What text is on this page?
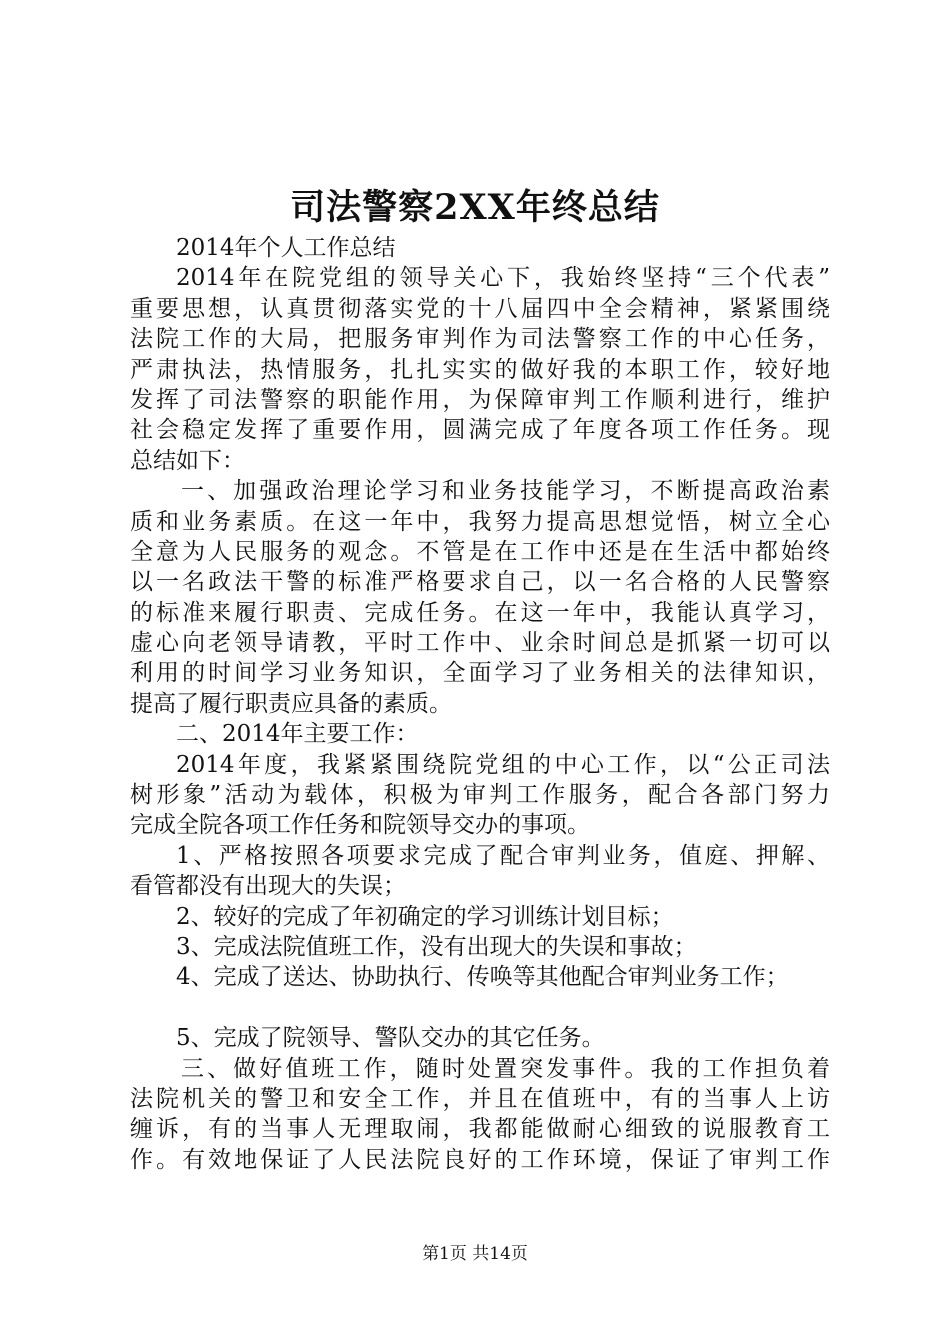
司法警察2XX年终总结
2014年个人工作总结
2014年在院党组的领导关心下，我始终坚持“三个代表”
重要思想，认真贯彻落实党的十八届四中全会精神，紧紧围绕
法院工作的大局，把服务审判作为司法警察工作的中心任务，
严肃执法，热情服务，扎扎实实的做好我的本职工作，较好地
发挥了司法警察的职能作用，为保障审判工作顺利进行，维护
社会稳定发挥了重要作用，圆满完成了年度各项工作任务。现
总结如下：
一、加强政治理论学习和业务技能学习，不断提高政治素
质和业务素质。在这一年中，我努力提高思想觉悟，树立全心
全意为人民服务的观念。不管是在工作中还是在生活中都始终
以一名政法干警的标准严格要求自己，以一名合格的人民警察
的标准来履行职责、完成任务。在这一年中，我能认真学习，
虚心向老领导请教，平时工作中、业余时间总是抓紧一切可以
利用的时间学习业务知识，全面学习了业务相关的法律知识，
提高了履行职责应具备的素质。
二、2014年主要工作：
2014年度，我紧紧围绕院党组的中心工作，以“公正司法
树形象”活动为载体，积极为审判工作服务，配合各部门努力
完成全院各项工作任务和院领导交办的事项。
1、严格按照各项要求完成了配合审判业务，值庭、押解、
看管都没有出现大的失误；
2、较好的完成了年初确定的学习训练计划目标；
3、完成法院值班工作，没有出现大的失误和事故；
4、完成了送达、协助执行、传唤等其他配合审判业务工作；
5、完成了院领导、警队交办的其它任务。
三、做好值班工作，随时处置突发事件。我的工作担负着
法院机关的警卫和安全工作，并且在值班中，有的当事人上访
缠诉，有的当事人无理取闹，我都能做耐心细致的说服教育工
作。有效地保证了人民法院良好的工作环境，保证了审判工作
第1页 共14页
